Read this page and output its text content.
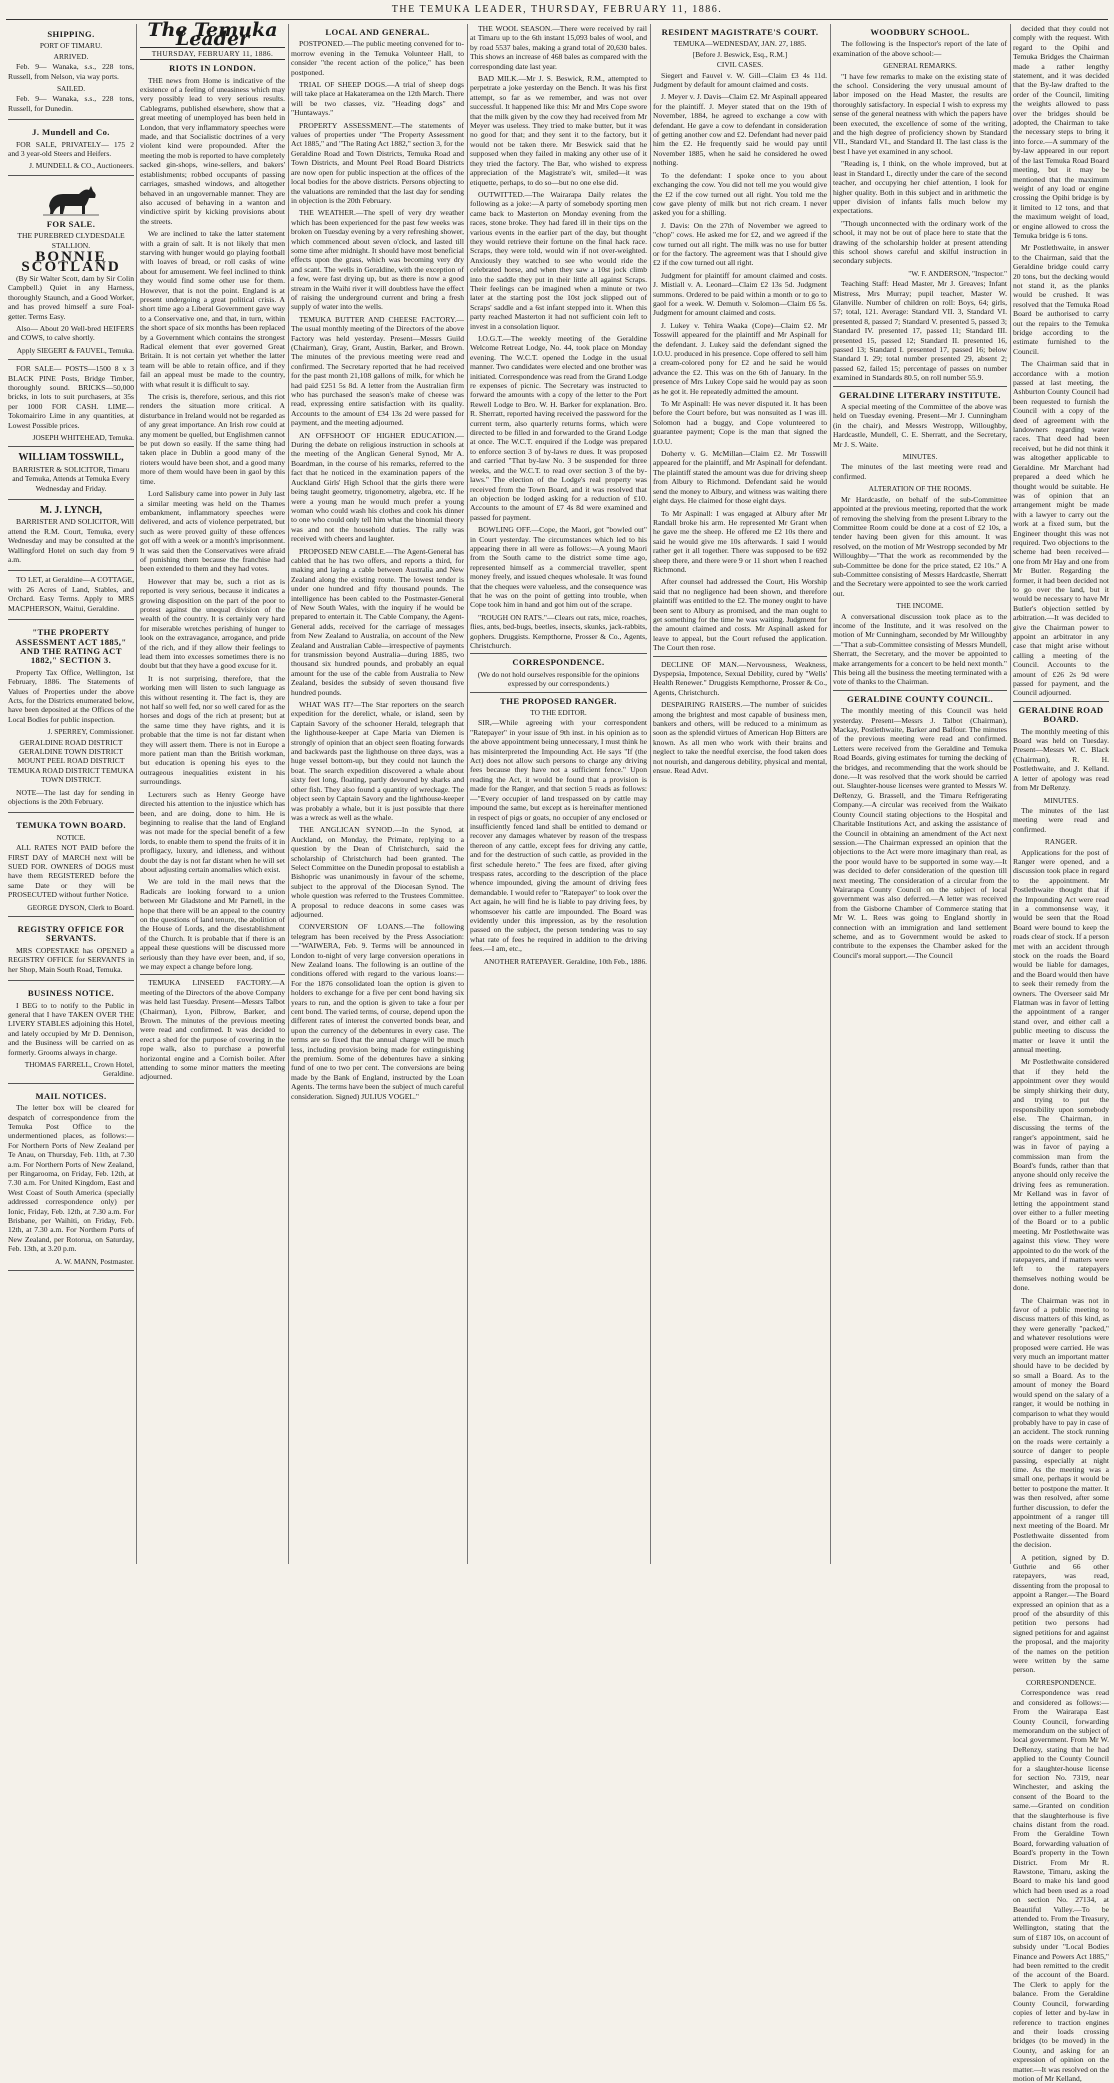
THE TEMUKA LEADER, THURSDAY, FEBRUARY 11, 1886.
SHIPPING.
PORT OF TIMARU.
ARRIVED.

Feb. 9— Wanaka, s.s., 228 tons, Russell, from Nelson, via way ports.

SAILED.

Feb. 9— Wanaka, s.s., 228 tons, Russell, for Dunedin.

J. Mundell and Co.

FOR SALE, PRIVATELY— 175 2 and 3 year-old Steers and Heifers.

J. MUNDELL & CO., Auctioneers.
FOR SALE.

THE PUREBRED CLYDESDALE STALLION.

BONNIE SCOTLAND

(By Sir Walter Scott, dam by Sir Colin Campbell.) Quiet in any Harness, thoroughly Staunch, and a Good Worker, and has proved himself a sure Foal-getter. Terms Easy.

Also— About 20 Well-bred HEIFERS and COWS, to calve shortly.

Apply SIEGERT & FAUVEL, Temuka.

FOR SALE— POSTS—1500 8 x 3 BLACK PINE Posts, Bridge Timber, thoroughly sound. BRICKS—50,000 bricks, in lots to suit purchasers, at 35s per 1000 FOR CASH. LIME—Tokomairiro Lime in any quantities, at Lowest Possible prices.

JOSEPH WHITEHEAD, Temuka.
WILLIAM TOSSWILL,

BARRISTER & SOLICITOR, Timaru and Temuka, Attends at Temuka Every Wednesday and Friday.

M. J. LYNCH,

BARRISTER AND SOLICITOR, Will attend the R.M. Court, Temuka, every Wednesday and may be consulted at the Wallingford Hotel on such day from 9 a.m.

TO LET, at Geraldine—A COTTAGE, with 26 Acres of Land, Stables, and Orchard. Easy Terms. Apply to MRS MACPHERSON, Waitui, Geraldine.

"THE PROPERTY ASSESSMENT ACT 1885," AND THE RATING ACT 1882," SECTION 3.

Property Tax Office, Wellington, 1st February, 1886. The Statements of Values of Properties under the above Acts, for the Districts enumerated below, have been deposited at the Offices of the Local Bodies for public inspection.

J. SPERREY, Commissioner.

GERALDINE ROAD DISTRICT GERALDINE TOWN DISTRICT MOUNT PEEL ROAD DISTRICT TEMUKA ROAD DISTRICT TEMUKA TOWN DISTRICT.

NOTE—The last day for sending in objections is the 20th February.

TEMUKA TOWN BOARD.
NOTICE.

ALL RATES NOT PAID before the FIRST DAY of MARCH next will be SUED FOR. OWNERS of DOGS must have them REGISTERED before the same Date or they will be PROSECUTED without further Notice.

GEORGE DYSON, Clerk to Board.
REGISTRY OFFICE FOR SERVANTS.

MRS COPESTAKE has OPENED a REGISTRY OFFICE for SERVANTS in her Shop, Main South Road, Temuka.

BUSINESS NOTICE.

I BEG to to notify to the Public in general that I have TAKEN OVER THE LIVERY STABLES adjoining this Hotel, and lately occupied by Mr D. Dennison, and the Business will be carried on as formerly. Grooms always in charge.

THOMAS FARRELL, Crown Hotel, Geraldine.
MAIL NOTICES.

The letter box will be cleared for despatch of correspondence from the Temuka Post Office to the undermentioned places, as follows:— For Northern Ports of New Zealand per Te Anau, on Thursday, Feb. 11th, at 7.30 a.m. For Northern Ports of New Zealand, per Ringarooma, on Friday, Feb. 12th, at 7.30 a.m. For United Kingdom, East and West Coast of South America (specially addressed correspondence only) per Ionic, Friday, Feb. 12th, at 7.30 a.m. For Brisbane, per Waihiti, on Friday, Feb. 12th, at 7.30 a.m. For Northern Ports of New Zealand, per Rotorua, on Saturday, Feb. 13th, at 3.20 p.m.

A. W. MANN, Postmaster.
The Temuka Leader
THURSDAY, FEBRUARY 11, 1886.
RIOTS IN LONDON.

THE news from Home is indicative of the existence of a feeling of uneasiness which may very possibly lead to very serious results. Cablegrams, published elsewhere, show that a great meeting of unemployed has been held in London, that very inflammatory speeches were made, and that Socialistic doctrines of a very violent kind were propounded. After the meeting the mob is reported to have completely sacked gin-shops, wine-sellers, and bakers' establishments; robbed occupants of passing carriages, smashed windows, and altogether behaved in an ungovernable manner. They are also accused of behaving in a wanton and vindictive spirit by kicking provisions about the streets.

We are inclined to take the latter statement with a grain of salt. It is not likely that men starving with hunger would go playing football with loaves of bread, or roll casks of wine about for amusement. We feel inclined to think they would find some other use for them. However, that is not the point. England is at present undergoing a great political crisis. A short time ago a Liberal Government gave way to a Conservative one, and that, in turn, within the short space of six months has been replaced by a Government which contains the strongest Radical element that ever governed Great Britain. It is not certain yet whether the latter team will be able to retain office, and if they fail an appeal must be made to the country, with what result it is difficult to say.

The crisis is, therefore, serious, and this riot renders the situation more critical. A disturbance in Ireland would not be regarded as of any great importance. An Irish row could at any moment be quelled, but Englishmen cannot be put down so easily. If the same thing had taken place in Dublin a good many of the rioters would have been shot, and a good many more of them would have been in gaol by this time.

Lord Salisbury came into power in July last a similar meeting was held on the Thames embankment, inflammatory speeches were delivered, and acts of violence perpetrated, but such as were proved guilty of these offences got off with a week or a month's imprisonment. It was said then the Conservatives were afraid of punishing them because the franchise had been extended to them and they had votes.

However that may be, such a riot as is reported is very serious, because it indicates a growing disposition on the part of the poor to protest against the unequal division of the wealth of the country. It is certainly very hard for miserable wretches perishing of hunger to look on the extravagance, arrogance, and pride of the rich, and if they allow their feelings to lead them into excesses sometimes there is no doubt but that they have a good excuse for it.

It is not surprising, therefore, that the working men will listen to such language as this without resenting it. The fact is, they are not half so well fed, nor so well cared for as the horses and dogs of the rich at present; but at the same time they have rights, and it is probable that the time is not far distant when they will assert them. There is not in Europe a more patient man than the British workman, but education is opening his eyes to the outrageous inequalities existent in his surroundings.

Lecturers such as Henry George have directed his attention to the injustice which has been, and are doing, done to him. He is beginning to realise that the land of England was not made for the special benefit of a few lords, to enable them to spend the fruits of it in profligacy, luxury, and idleness, and without doubt the day is not far distant when he will set about adjusting certain anomalies which exist.

We are told in the mail news that the Radicals are looking forward to a union between Mr Gladstone and Mr Parnell, in the hope that there will be an appeal to the country on the questions of land tenure, the abolition of the House of Lords, and the disestablishment of the Church. It is probable that if there is an appeal these questions will be discussed more seriously than they have ever been, and, if so, we may expect a change before long.

TEMUKA LINSEED FACTORY.—A meeting of the Directors of the above Company was held last Tuesday. Present—Messrs Talbot (Chairman), Lyon, Pilbrow, Barker, and Brown. The minutes of the previous meeting were read and confirmed. It was decided to erect a shed for the purpose of covering in the rope walk, also to purchase a powerful horizontal engine and a Cornish boiler. After attending to some minor matters the meeting adjourned.

LOCAL AND GENERAL.

POSTPONED.—The public meeting convened for to-morrow evening in the Temuka Volunteer Hall, to consider "the recent action of the police," has been postponed.

TRIAL OF SHEEP DOGS.—A trial of sheep dogs will take place at Hakateramea on the 12th March. There will be two classes, viz. "Heading dogs" and "Huntaways."

PROPERTY ASSESSMENT.—The statements of values of properties under "The Property Assessment Act 1885," and "The Rating Act 1882," section 3, for the Geraldine Road and Town Districts, Temuka Road and Town Districts, and Mount Peel Road Board Districts are now open for public inspection at the offices of the local bodies for the above districts. Persons objecting to the valuations are reminded that the last day for sending in objection is the 20th February.

THE WEATHER.—The spell of very dry weather which has been experienced for the past few weeks was broken on Tuesday evening by a very refreshing shower, which commenced about seven o'clock, and lasted till some time after midnight. It should have most beneficial effects upon the grass, which was becoming very dry and scant. The wells in Geraldine, with the exception of a few, were fast drying up, but as there is now a good stream in the Waihi river it will doubtless have the effect of raising the underground current and bring a fresh supply of water into the wells.

TEMUKA BUTTER AND CHEESE FACTORY.—The usual monthly meeting of the Directors of the above Factory was held yesterday. Present—Messrs Guild (Chairman), Gray, Grant, Austin, Barker, and Brown. The minutes of the previous meeting were read and confirmed. The Secretary reported that he had received for the past month 21,108 gallons of milk, for which he had paid £251 5s 8d. A letter from the Australian firm who has purchased the season's make of cheese was read, expressing entire satisfaction with its quality. Accounts to the amount of £34 13s 2d were passed for payment, and the meeting adjourned.

AN OFFSHOOT OF HIGHER EDUCATION.—During the debate on religious instruction in schools at the meeting of the Anglican General Synod, Mr A. Boardman, in the course of his remarks, referred to the fact that he noticed in the examination papers of the Auckland Girls' High School that the girls there were being taught geometry, trigonometry, algebra, etc. If he were a young man he would much prefer a young woman who could wash his clothes and cook his dinner to one who could only tell him what the binomial theory was and not the household duties. The rally was received with cheers and laughter.

PROPOSED NEW CABLE.—The Agent-General has cabled that he has two offers, and reports a third, for making and laying a cable between Australia and New Zealand along the existing route. The lowest tender is under one hundred and fifty thousand pounds. The intelligence has been cabled to the Postmaster-General of New South Wales, with the inquiry if he would be prepared to entertain it. The Cable Company, the Agent-General adds, received for the carriage of messages from New Zealand to Australia, on account of the New Zealand and Australian Cable—irrespective of payments for transmission beyond Australia—during 1885, two thousand six hundred pounds, and probably an equal amount for the use of the cable from Australia to New Zealand, besides the subsidy of seven thousand five hundred pounds.

WHAT WAS IT?—The Star reporters on the search expedition for the derelict, whale, or island, seen by Captain Savory of the schooner Herald, telegraph that the lighthouse-keeper at Cape Maria van Diemen is strongly of opinion that an object seen floating forwards and backwards past the lighthouse on three days, was a huge vessel bottom-up, but they could not launch the boat. The search expedition discovered a whale about sixty feet long, floating, partly devoured by sharks and other fish. They also found a quantity of wreckage. The object seen by Captain Savory and the lighthouse-keeper was probably a whale, but it is just possible that there was a wreck as well as the whale.

THE ANGLICAN SYNOD.—In the Synod, at Auckland, on Monday, the Primate, replying to a question by the Dean of Christchurch, said the scholarship of Christchurch had been granted. The Select Committee on the Dunedin proposal to establish a Bishopric was unanimously in favour of the scheme, subject to the approval of the Diocesan Synod. The whole question was referred to the Trustees Committee. A proposal to reduce deacons in some cases was adjourned.

CONVERSION OF LOANS.—The following telegram has been received by the Press Association:—"WAIWERA, Feb. 9. Terms will be announced in London to-night of very large conversion operations in New Zealand loans. The following is an outline of the conditions offered with regard to the various loans:—For the 1876 consolidated loan the option is given to holders to exchange for a five per cent bond having six years to run, and the option is given to take a four per cent bond. The varied terms, of course, depend upon the different rates of interest the converted bonds bear, and upon the currency of the debentures in every case. The terms are so fixed that the annual charge will be much less, including provision being made for extinguishing the premium. Some of the debentures have a sinking fund of one to two per cent. The conversions are being made by the Bank of England, instructed by the Loan Agents. The terms have been the subject of much careful consideration. Signed) JULIUS VOGEL."

THE WOOL SEASON.—There were received by rail at Timaru up to the 6th instant 15,093 bales of wool, and by road 5537 bales, making a grand total of 20,630 bales. This shows an increase of 468 bales as compared with the corresponding date last year.

BAD MILK.—Mr J. S. Beswick, R.M., attempted to perpetrate a joke yesterday on the Bench. It was his first attempt, so far as we remember, and was not over successful. It happened like this: Mr and Mrs Cope swore that the milk given by the cow they had received from Mr Meyer was useless. They tried to make butter, but it was no good for that; and they sent it to the factory, but it would not be taken there. Mr Beswick said that he supposed when they failed in making any other use of it they tried the factory. The Bar, who wished to express appreciation of the Magistrate's wit, smiled—it was etiquette, perhaps, to do so—but no one else did.

OUTWITTED.—The Wairarapa Daily relates the following as a joke:—A party of somebody sporting men came back to Masterton on Monday evening from the races, stone broke. They had fared ill in their tips on the various events in the earlier part of the day, but thought they would retrieve their fortune on the final hack race. Scraps, they were told, would win if not over-weighted. Anxiously they watched to see who would ride the celebrated horse, and when they saw a 10st jock climb into the saddle they put in their little all against Scraps. Their feelings can be imagined when a minute or two later at the starting post the 10st jock slipped out of Scraps' saddle and a 6st infant stepped into it. When this party reached Masterton it had not sufficient coin left to invest in a consolation liquor.

I.O.G.T.—The weekly meeting of the Geraldine Welcome Retreat Lodge, No. 44, took place on Monday evening. The W.C.T. opened the Lodge in the usual manner. Two candidates were elected and one brother was initiated. Correspondence was read from the Grand Lodge re expenses of picnic. The Secretary was instructed to forward the amounts with a copy of the letter to the Port Rewell Lodge to Bro. W. H. Barker for explanation. Bro. R. Sherratt, reported having received the password for the current term, also quarterly returns forms, which were directed to be filled in and forwarded to the Grand Lodge at once. The W.C.T. enquired if the Lodge was prepared to enforce section 3 of by-laws re dues. It was proposed and carried "That by-law No. 3 be suspended for three weeks, and the W.C.T. to read over section 3 of the by-laws." The election of the Lodge's real property was received from the Town Board, and it was resolved that an objection be lodged asking for a reduction of £10. Accounts to the amount of £7 4s 8d were examined and passed for payment.

BOWLING OFF.—Cope, the Maori, got "bowled out" in Court yesterday. The circumstances which led to his appearing there in all were as follows:—A young Maori from the South came to the district some time ago, represented himself as a commercial traveller, spent money freely, and issued cheques wholesale. It was found that the cheques were valueless, and the consequence was that he was on the point of getting into trouble, when Cope took him in hand and got him out of the scrape.

"ROUGH ON RATS."—Clears out rats, mice, roaches, flies, ants, bed-bugs, beetles, insects, skunks, jack-rabbits, gophers. Druggists. Kempthorne, Prosser & Co., Agents, Christchurch.

CORRESPONDENCE.
(We do not hold ourselves responsible for the opinions expressed by our correspondents.)
THE PROPOSED RANGER.
TO THE EDITOR.

SIR,—While agreeing with your correspondent "Ratepayer" in your issue of 9th inst. in his opinion as to the above appointment being unnecessary, I must think he has misinterpreted the Impounding Act. He says "If (the Act) does not allow such persons to charge any driving fees because they have not a sufficient fence." Upon reading the Act, it would be found that a provision is made for the Ranger, and that section 5 reads as follows:—"Every occupier of land trespassed on by cattle may impound the same, but except as is hereinafter mentioned in respect of pigs or goats, no occupier of any enclosed or insufficiently fenced land shall be entitled to demand or recover any damages whatever by reason of the trespass thereon of any cattle, except fees for driving any cattle, and for the destruction of such cattle, as provided in the first schedule hereto." The fees are fixed, after giving trespass rates, according to the description of the place whence impounded, giving the amount of driving fees demandable. I would refer to "Ratepayer" to look over the Act again, he will find he is liable to pay driving fees, by whomsoever his cattle are impounded. The Board was evidently under this impression, as by the resolution passed on the subject, the person tendering was to say what rate of fees he required in addition to the driving fees.—I am, etc.,

ANOTHER RATEPAYER. Geraldine, 10th Feb., 1886.
RESIDENT MAGISTRATE'S COURT.
TEMUKA—WEDNESDAY, JAN. 27, 1885.
[Before J. Beswick, Esq., R.M.]
CIVIL CASES.

Siegert and Fauvel v. W. Gill—Claim £3 4s 11d. Judgment by default for amount claimed and costs.

J. Meyer v. J. Davis—Claim £2. Mr Aspinall appeared for the plaintiff. J. Meyer stated that on the 19th of November, 1884, he agreed to exchange a cow with defendant. He gave a cow to defendant in consideration of getting another cow and £2. Defendant had never paid him the £2. He frequently said he would pay until November 1885, when he said he considered he owed nothing.

To the defendant: I spoke once to you about exchanging the cow. You did not tell me you would give the £2 if the cow turned out all right. You told me the cow gave plenty of milk but not rich cream. I never asked you for a shilling.

J. Davis: On the 27th of November we agreed to "chop" cows. He asked me for £2, and we agreed if the cow turned out all right. The milk was no use for butter or for the factory. The agreement was that I should give £2 if the cow turned out all right.

Judgment for plaintiff for amount claimed and costs. J. Mistiall v. A. Leonard—Claim £2 13s 5d. Judgment summons. Ordered to be paid within a month or to go to gaol for a week. W. Demuth v. Solomon—Claim £6 5s. Judgment for amount claimed and costs.

J. Lukey v. Tehira Waaka (Cope)—Claim £2. Mr Tosswill appeared for the plaintiff and Mr Aspinall for the defendant. J. Lukey said the defendant signed the I.O.U. produced in his presence. Cope offered to sell him a cream-colored pony for £2 and he said he would advance the £2. This was on the 6th of January. In the presence of Mrs Lukey Cope said he would pay as soon as he got it. He repeatedly admitted the amount.

To Mr Aspinall: He was never disputed it. It has been before the Court before, but was nonsuited as I was ill. Solomon had a buggy, and Cope volunteered to guarantee payment; Cope is the man that signed the I.O.U.

Doherty v. G. McMillan—Claim £2. Mr Tosswill appeared for the plaintiff, and Mr Aspinall for defendant. The plaintiff stated the amount was due for driving sheep from Albury to Richmond. Defendant said he would send the money to Albury, and witness was waiting there eight days. He claimed for those eight days.

To Mr Aspinall: I was engaged at Albury after Mr Randall broke his arm. He represented Mr Grant when he gave me the sheep. He offered me £2 10s there and said he would give me 10s afterwards. I said I would rather get it all together. There was supposed to be 692 sheep there, and there were 9 or 11 short when I reached Richmond.

After counsel had addressed the Court, His Worship said that no negligence had been shown, and therefore plaintiff was entitled to the £2. The money ought to have been sent to Albury as promised, and the man ought to get something for the time he was waiting. Judgment for the amount claimed and costs. Mr Aspinall asked for leave to appeal, but the Court refused the application. The Court then rose.

DECLINE OF MAN.—Nervousness, Weakness, Dyspepsia, Impotence, Sexual Debility, cured by "Wells' Health Renewer." Druggists Kempthorne, Prosser & Co., Agents, Christchurch.

DESPAIRING RAISERS.—The number of suicides among the brightest and most capable of business men, bankers and others, will be reduced to a minimum as soon as the splendid virtues of American Hop Bitters are known. As all men who work with their brains and neglect to take the needful exercise, the food taken does not nourish, and dangerous debility, physical and mental, ensue. Read Advt.

WOODBURY SCHOOL.

The following is the Inspector's report of the late of examination of the above school:—

GENERAL REMARKS.

"I have few remarks to make on the existing state of the school. Considering the very unusual amount of labor imposed on the Head Master, the results are thoroughly satisfactory. In especial I wish to express my sense of the general neatness with which the papers have been executed, the excellence of some of the writing, and the high degree of proficiency shown by Standard VII., Standard VI., and Standard II. The last class is the best I have yet examined in any school.

"Reading is, I think, on the whole improved, but at least in Standard I., directly under the care of the second teacher, and occupying her chief attention, I look for higher quality. Both in this subject and in arithmetic the upper division of infants falls much below my expectations.

"Though unconnected with the ordinary work of the school, it may not be out of place here to state that the drawing of the scholarship holder at present attending this school shows careful and skilful instruction in secondary subjects.

"W. F. ANDERSON, "Inspector."

Teaching Staff: Head Master, Mr J. Greaves; Infant Mistress, Mrs Murray; pupil teacher, Master W. Glanville. Number of children on roll: Boys, 64; girls, 57; total, 121. Average: Standard VII. 3, Standard VI. presented 8, passed 7; Standard V. presented 5, passed 3; Standard IV. presented 17, passed 11; Standard III. presented 15, passed 12; Standard II. presented 16, passed 13; Standard I. presented 17, passed 16; below Standard I. 29; total number presented 29, absent 2; passed 62, failed 15; percentage of passes on number examined in Standards 80.5, on roll number 55.9.

GERALDINE LITERARY INSTITUTE.

A special meeting of the Committee of the above was held on Tuesday evening. Present—Mr J. Cunningham (in the chair), and Messrs Westropp, Willoughby, Hardcastle, Mundell, C. E. Sherratt, and the Secretary, Mr J. S. Waite.

MINUTES.

The minutes of the last meeting were read and confirmed.

ALTERATION OF THE ROOMS.

Mr Hardcastle, on behalf of the sub-Committee appointed at the previous meeting, reported that the work of removing the shelving from the present Library to the Committee Room could be done at a cost of £2 10s, a tender having been given for this amount. It was resolved, on the motion of Mr Westropp seconded by Mr Willoughby—"That the work as recommended by the sub-Committee be done for the price stated, £2 10s." A sub-Committee consisting of Messrs Hardcastle, Sherratt and the Secretary were appointed to see the work carried out.

THE INCOME.

A conversational discussion took place as to the income of the Institute, and it was resolved on the motion of Mr Cunningham, seconded by Mr Willoughby—"That a sub-Committee consisting of Messrs Mundell, Sherratt, the Secretary, and the mover be appointed to make arrangements for a concert to be held next month." This being all the business the meeting terminated with a vote of thanks to the Chairman.

GERALDINE COUNTY COUNCIL.

The monthly meeting of this Council was held yesterday. Present—Messrs J. Talbot (Chairman), Mackay, Postlethwaite, Barker and Balfour. The minutes of the previous meeting were read and confirmed. Letters were received from the Geraldine and Temuka Road Boards, giving estimates for turning the decking of the bridges, and recommending that the work should be done.—It was resolved that the work should be carried out. Slaughter-house licenses were granted to Messrs W. DeRenzy, G. Brassell, and the Timaru Refrigerating Company.—A circular was received from the Waikato County Council stating objections to the Hospital and Charitable Institutions Act, and asking the assistance of the Council in obtaining an amendment of the Act next session.—The Chairman expressed an opinion that the objections to the Act were more imaginary than real, as the poor would have to be supported in some way.—It was decided to defer consideration of the question till next meeting. The consideration of a circular from the Wairarapa County Council on the subject of local government was also deferred.—A letter was received from the Gisborne Chamber of Commerce stating that Mr W. L. Rees was going to England shortly in connection with an immigration and land settlement scheme, and as to Government would be asked to contribute to the expenses the Chamber asked for the Council's moral support.—The Council

decided that they could not comply with the request. With regard to the Opihi and Temuka Bridges the Chairman made a rather lengthy statement, and it was decided that the By-law drafted to the order of the Council, limiting the weights allowed to pass over the bridges should be adopted, the Chairman to take the necessary steps to bring it into force.—A summary of the by-law appeared in our report of the last Temuka Road Board meeting, but it may be mentioned that the maximum weight of any load or engine crossing the Opihi bridge is by it limited to 12 tons, and that the maximum weight of load, or engine allowed to cross the Temuka bridge is 6 tons.

Mr Postlethwaite, in answer to the Chairman, said that the Geraldine bridge could carry 20 tons, but the decking would not stand it, as the planks would be crushed. It was resolved that the Temuka Road Board be authorised to carry out the repairs to the Temuka bridge according to the estimate furnished to the Council.

The Chairman said that in accordance with a motion passed at last meeting, the Ashburton County Council had been requested to furnish the Council with a copy of the deed of agreement with the landowners regarding water races. That deed had been received, but he did not think it was altogether applicable to Geraldine. Mr Marchant had prepared a deed which he thought would be suitable. He was of opinion that an arrangement might be made with a lawyer to carry out the work at a fixed sum, but the Engineer thought this was not required. Two objections to the scheme had been received—one from Mr Hay and one from Mr Butler. Regarding the former, it had been decided not to go over the land, but it would be necessary to have Mr Butler's objection settled by arbitration.—It was decided to give the Chairman power to appoint an arbitrator in any case that might arise without calling a meeting of the Council. Accounts to the amount of £26 2s 9d were passed for payment, and the Council adjourned.

GERALDINE ROAD BOARD.

The monthly meeting of this Board was held on Tuesday. Present—Messrs W. C. Black (Chairman), R. H. Postlethwaite, and J. Kelland. A letter of apology was read from Mr DeRenzy.

MINUTES.

The minutes of the last meeting were read and confirmed.

RANGER.

Applications for the post of Ranger were opened, and a discussion took place in regard to the appointment. Mr Postlethwaite thought that if the Impounding Act were read in a commonsense way, it would be seen that the Road Board were bound to keep the roads clear of stock. If a person met with an accident through stock on the roads the Board would be liable for damages, and the Board would then have to seek their remedy from the owners. The Overseer said Mr Flatman was in favor of letting the appointment of a ranger stand over, and either call a public meeting to discuss the matter or leave it until the annual meeting.

Mr Postlethwaite considered that if they held the appointment over they would be simply shirking their duty, and trying to put the responsibility upon somebody else. The Chairman, in discussing the terms of the ranger's appointment, said he was in favor of paying a commission man from the Board's funds, rather than that anyone should only receive the driving fees as remuneration. Mr Kelland was in favor of letting the appointment stand over either to a fuller meeting of the Board or to a public meeting. Mr Postlethwaite was against this view. They were appointed to do the work of the ratepayers, and if matters were left to the ratepayers themselves nothing would be done.

The Chairman was not in favor of a public meeting to discuss matters of this kind, as they were generally "packed," and whatever resolutions were proposed were carried. He was very much an important matter should have to be decided by so small a Board. As to the amount of money the Board would spend on the salary of a ranger, it would be nothing in comparison to what they would probably have to pay in case of an accident. The stock running on the roads were certainly a source of danger to people passing, especially at night time. As the meeting was a small one, perhaps it would be better to postpone the matter. It was then resolved, after some further discussion, to defer the appointment of a ranger till next meeting of the Board. Mr Postlethwaite dissented from the decision.

A petition, signed by D. Guthrie and 66 other ratepayers, was read, dissenting from the proposal to appoint a Ranger.—The Board expressed an opinion that as a proof of the absurdity of this petition two persons had signed petitions for and against the proposal, and the majority of the names on the petition were written by the same person.

CORRESPONDENCE.

Correspondence was read and considered as follows:— From the Wairarapa East County Council, forwarding memorandum on the subject of local government. From Mr W. DeRenzy, stating that he had applied to the County Council for a slaughter-house license for section No. 7319, near Winchester, and asking the consent of the Board to the same.—Granted on condition that the slaughterhouse is five chains distant from the road. From the Geraldine Town Board, forwarding valuation of Board's property in the Town District. From Mr R. Rawstone, Timaru, asking the Board to make his land good which had been used as a road on section No. 27134, at Beautiful Valley.—To be attended to. From the Treasury, Wellington, stating that the sum of £187 10s, on account of subsidy under "Local Bodies Finance and Powers Act 1885," had been remitted to the credit of the account of the Board. The Clerk to apply for the balance. From the Geraldine County Council, forwarding copies of letter and by-law in reference to traction engines and their loads crossing bridges (to be moved) in the County, and asking for an expression of opinion on the matter.—It was resolved on the motion of Mr Kelland,
